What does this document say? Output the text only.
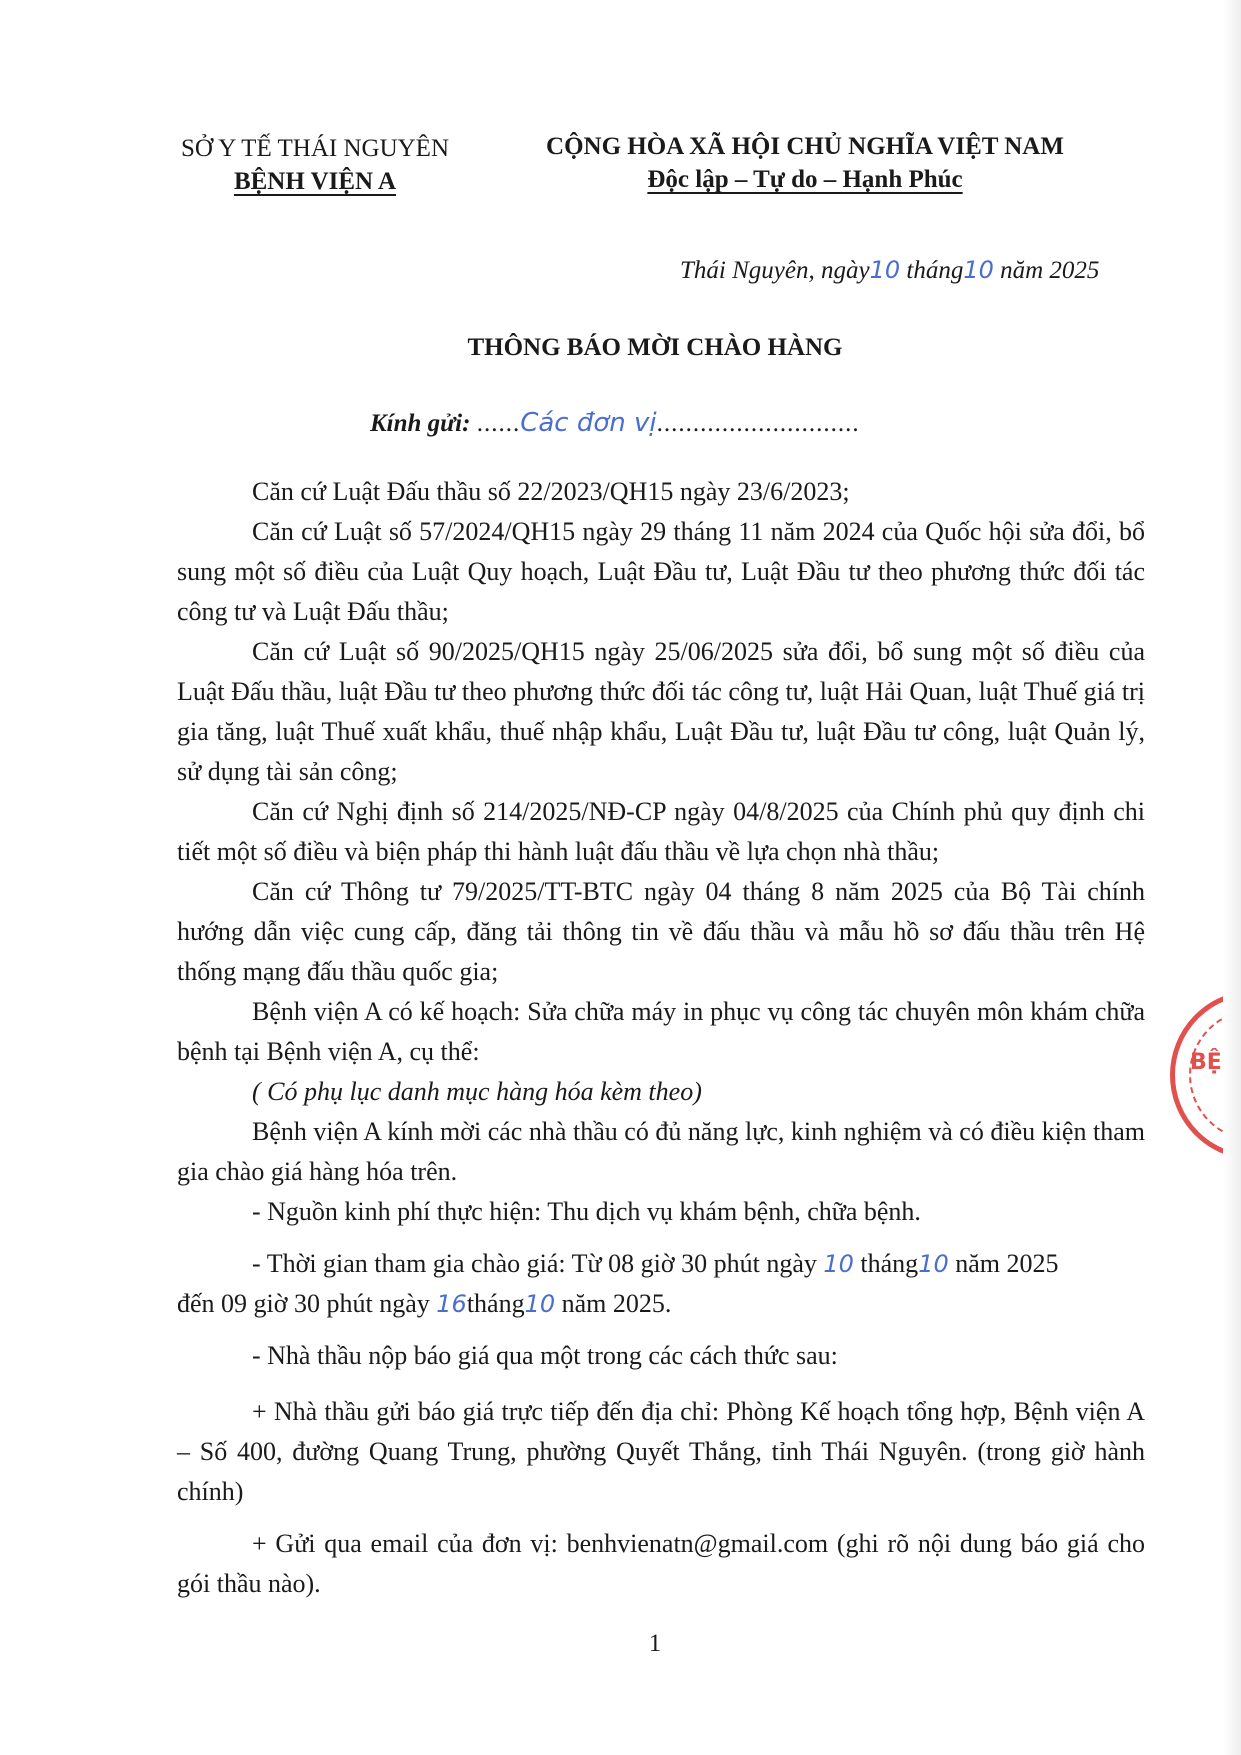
SỞ Y TẾ THÁI NGUYÊN
BỆNH VIỆN A
CỘNG HÒA XÃ HỘI CHỦ NGHĨA VIỆT NAM
Độc lập – Tự do – Hạnh Phúc
Thái Nguyên, ngày10 tháng10 năm 2025
THÔNG BÁO MỜI CHÀO HÀNG
Kính gửi: ......Các đơn vị............................
Căn cứ Luật Đấu thầu số 22/2023/QH15 ngày 23/6/2023;
Căn cứ Luật số 57/2024/QH15 ngày 29 tháng 11 năm 2024 của Quốc hội sửa đổi, bổ sung một số điều của Luật Quy hoạch, Luật Đầu tư, Luật Đầu tư theo phương thức đối tác công tư và Luật Đấu thầu;
Căn cứ Luật số 90/2025/QH15 ngày 25/06/2025 sửa đổi, bổ sung một số điều của Luật Đấu thầu, luật Đầu tư theo phương thức đối tác công tư, luật Hải Quan, luật Thuế giá trị gia tăng, luật Thuế xuất khẩu, thuế nhập khẩu, Luật Đầu tư, luật Đầu tư công, luật Quản lý, sử dụng tài sản công;
Căn cứ Nghị định số 214/2025/NĐ-CP ngày 04/8/2025 của Chính phủ quy định chi tiết một số điều và biện pháp thi hành luật đấu thầu về lựa chọn nhà thầu;
Căn cứ Thông tư 79/2025/TT-BTC ngày 04 tháng 8 năm 2025 của Bộ Tài chính hướng dẫn việc cung cấp, đăng tải thông tin về đấu thầu và mẫu hồ sơ đấu thầu trên Hệ thống mạng đấu thầu quốc gia;
Bệnh viện A có kế hoạch: Sửa chữa máy in phục vụ công tác chuyên môn khám chữa bệnh tại Bệnh viện A, cụ thể:
( Có phụ lục danh mục hàng hóa kèm theo)
Bệnh viện A kính mời các nhà thầu có đủ năng lực, kinh nghiệm và có điều kiện tham gia chào giá hàng hóa trên.
- Nguồn kinh phí thực hiện: Thu dịch vụ khám bệnh, chữa bệnh.
- Thời gian tham gia chào giá: Từ 08 giờ 30 phút ngày 10 tháng10 năm 2025
đến 09 giờ 30 phút ngày 16tháng10 năm 2025.
- Nhà thầu nộp báo giá qua một trong các cách thức sau:
+ Nhà thầu gửi báo giá trực tiếp đến địa chỉ: Phòng Kế hoạch tổng hợp, Bệnh viện A – Số 400, đường Quang Trung, phường Quyết Thắng, tỉnh Thái Nguyên. (trong giờ hành chính)
+ Gửi qua email của đơn vị: benhvienatn@gmail.com (ghi rõ nội dung báo giá cho gói thầu nào).
1
BỆ
